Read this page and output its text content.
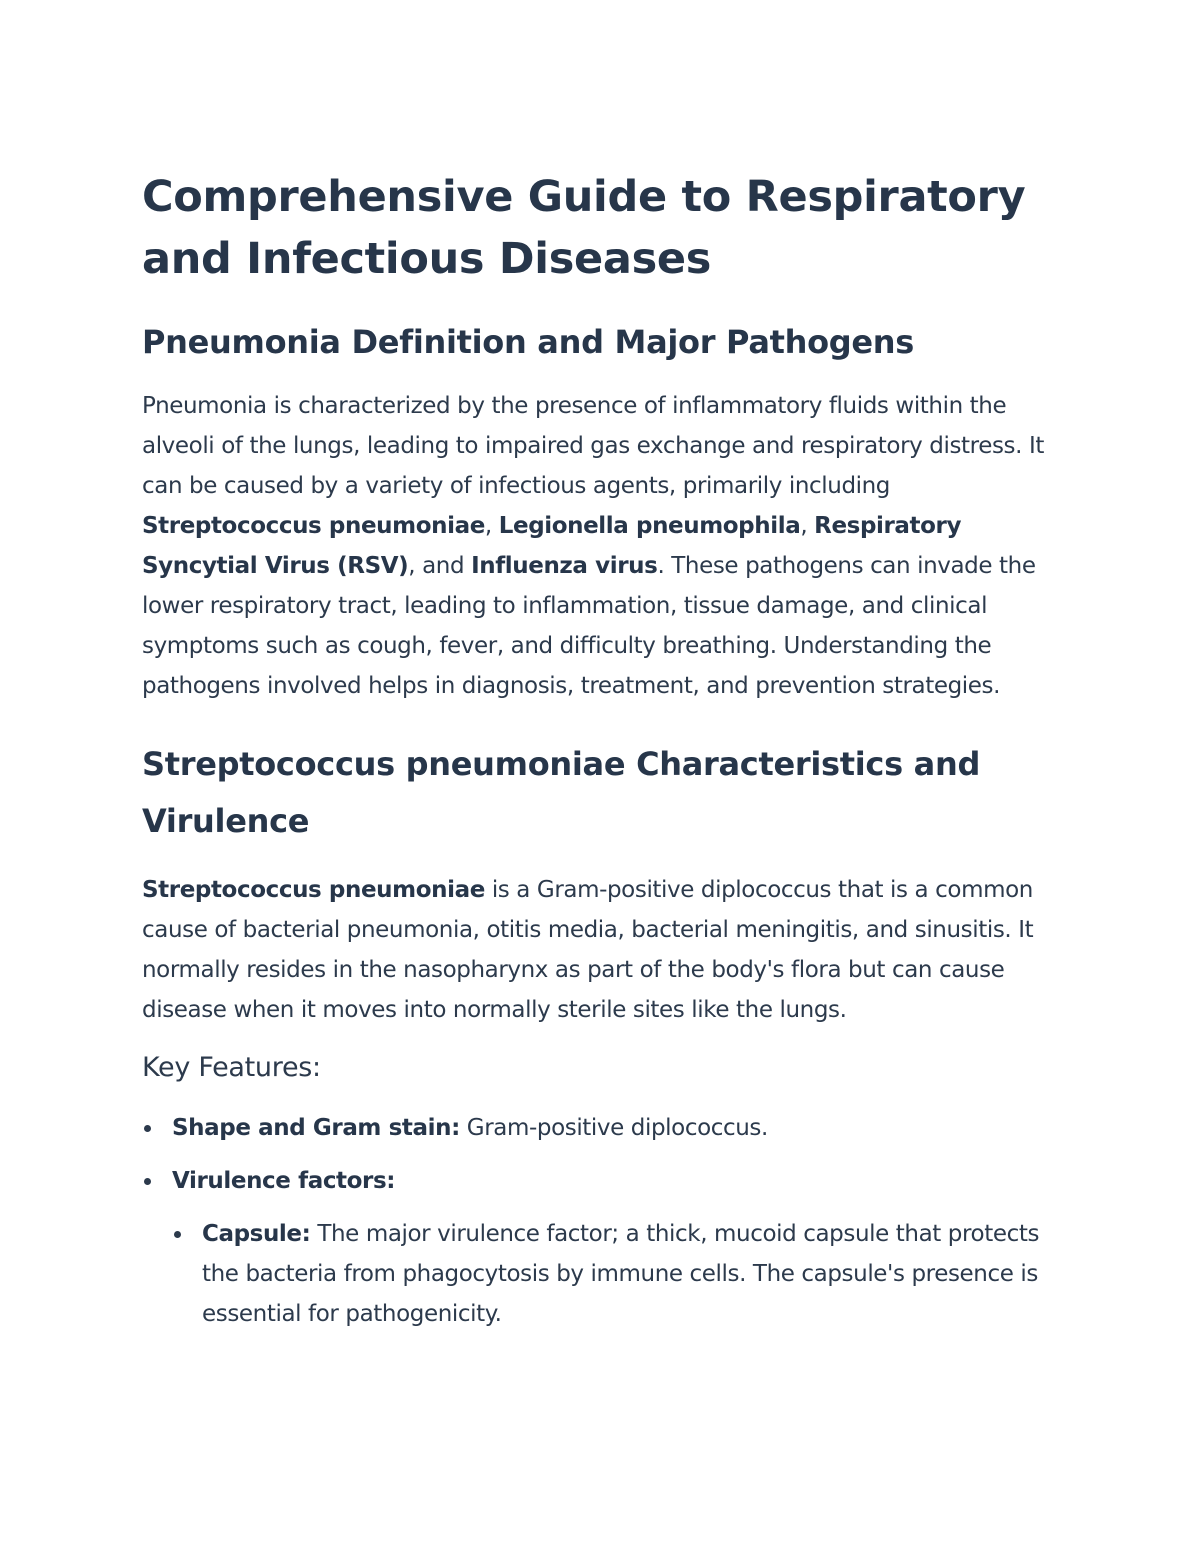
Comprehensive Guide to Respiratory and Infectious Diseases
Pneumonia Definition and Major Pathogens

Pneumonia is characterized by the presence of inflammatory fluids within the alveoli of the lungs, leading to impaired gas exchange and respiratory distress. It can be caused by a variety of infectious agents, primarily including Streptococcus pneumoniae, Legionella pneumophila, Respiratory Syncytial Virus (RSV), and Influenza virus. These pathogens can invade the lower respiratory tract, leading to inflammation, tissue damage, and clinical symptoms such as cough, fever, and difficulty breathing. Understanding the pathogens involved helps in diagnosis, treatment, and prevention strategies.

Streptococcus pneumoniae Characteristics and Virulence

Streptococcus pneumoniae is a Gram-positive diplococcus that is a common cause of bacterial pneumonia, otitis media, bacterial meningitis, and sinusitis. It normally resides in the nasopharynx as part of the body's flora but can cause disease when it moves into normally sterile sites like the lungs.

Key Features:
Shape and Gram stain: Gram-positive diplococcus.
Virulence factors:
Capsule: The major virulence factor; a thick, mucoid capsule that protects the bacteria from phagocytosis by immune cells. The capsule's presence is essential for pathogenicity.
